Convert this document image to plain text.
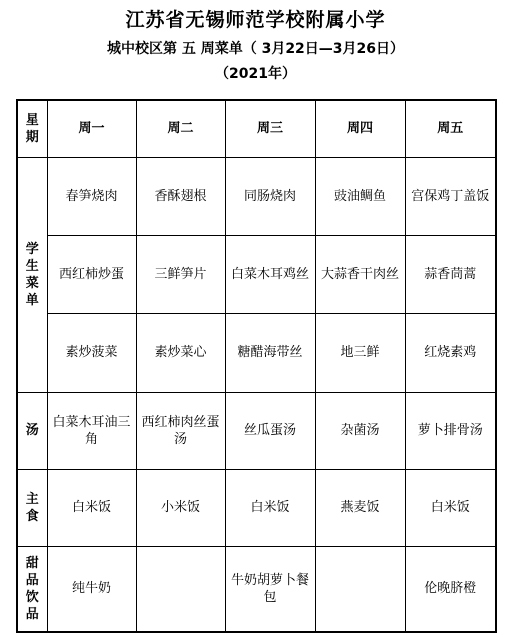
江苏省无锡师范学校附属小学
城中校区第 五 周菜单（ 3月22日—3月26日）
（2021年）
星期	周一	周二	周三	周四	周五
学生菜单	春笋烧肉	香酥翅根	同肠烧肉	豉油鲷鱼	宫保鸡丁盖饭
	西红柿炒蛋	三鲜笋片	白菜木耳鸡丝	大蒜香干肉丝	蒜香茼蒿
	素炒菠菜	素炒菜心	糖醋海带丝	地三鲜	红烧素鸡
汤	白菜木耳油三角	西红柿肉丝蛋汤	丝瓜蛋汤	杂菌汤	萝卜排骨汤
主食	白米饭	小米饭	白米饭	燕麦饭	白米饭
甜品饮品	纯牛奶		牛奶胡萝卜餐包		伦晚脐橙
